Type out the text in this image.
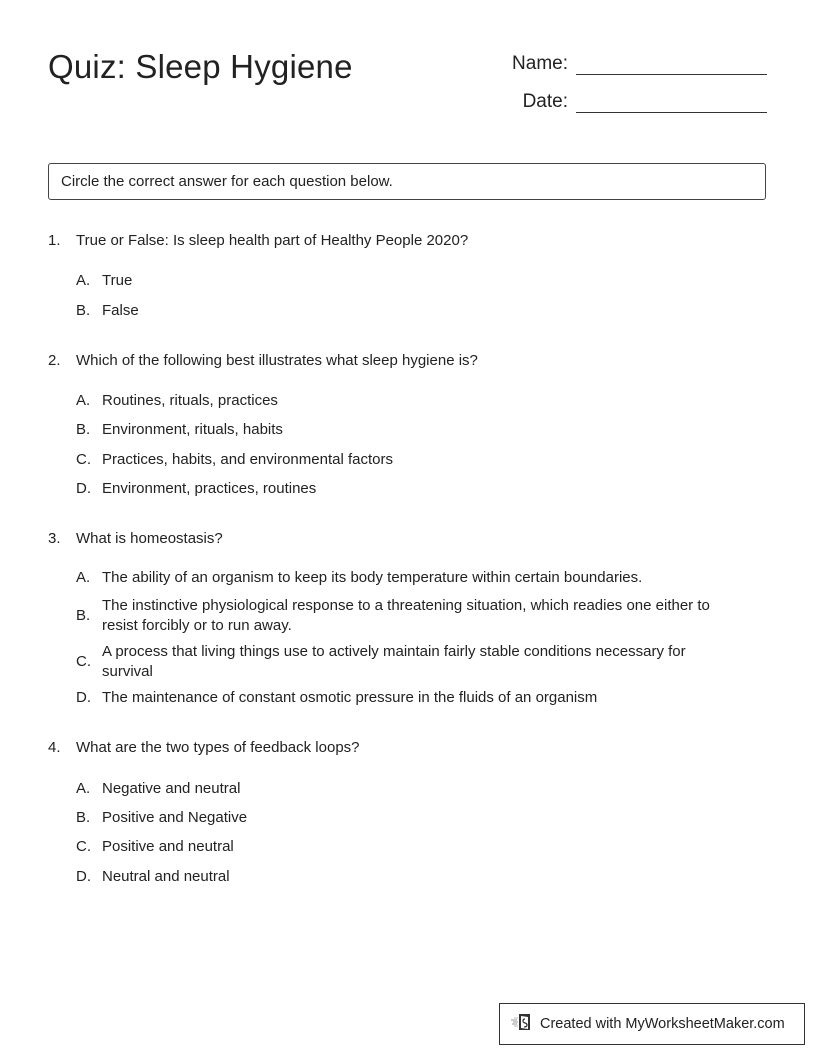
Quiz: Sleep Hygiene	Name:
Date:
Circle the correct answer for each question below.
1.	True or False: Is sleep health part of Healthy People 2020?
A. True
B. False
2.	Which of the following best illustrates what sleep hygiene is?
A. Routines, rituals, practices
B. Environment, rituals, habits
C. Practices, habits, and environmental factors
D. Environment, practices, routines
3.	What is homeostasis?
A. The ability of an organism to keep its body temperature within certain boundaries.
B.
The instinctive physiological response to a threatening situation, which readies one either to resist forcibly or to run away.
C.
A process that living things use to actively maintain fairly stable conditions necessary for survival
D. The maintenance of constant osmotic pressure in the fluids of an organism
4.	What are the two types of feedback loops?
A. Negative and neutral
B. Positive and Negative
C. Positive and neutral
D. Neutral and neutral
Created with MyWorksheetMaker.com
